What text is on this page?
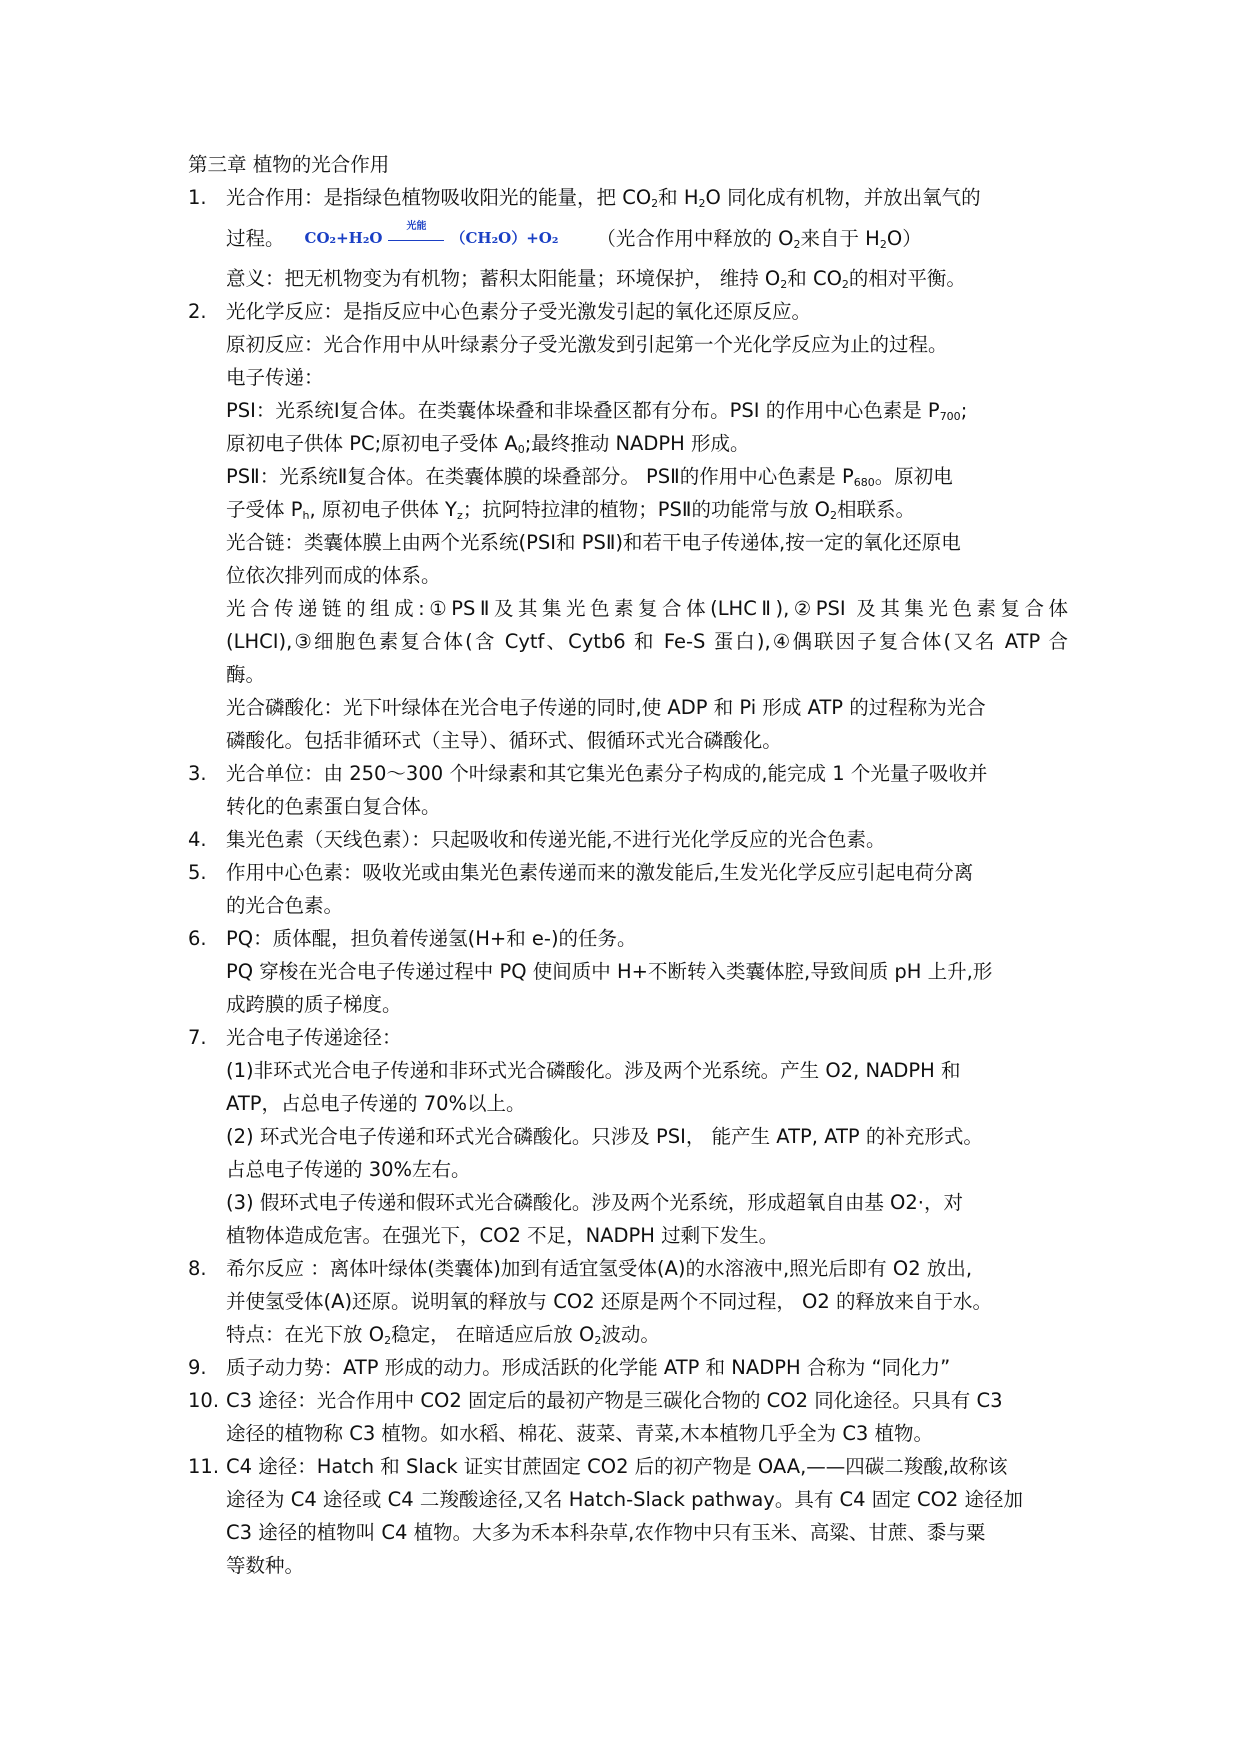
第三章 植物的光合作用
1. 光合作用：是指绿色植物吸收阳光的能量，把 $CO_2$和 $H_2O$ 同化成有机物，并放出氧气的
过程。 CO₂+H₂O
光能
（CH₂O）+O₂ （光合作用中释放的 $O_2$来自于 $H_2O$）
意义：把无机物变为有机物；蓄积太阳能量；环境保护， 维持 $O_2$和 $CO_2$的相对平衡。
2. 光化学反应：是指反应中心色素分子受光激发引起的氧化还原反应。
原初反应：光合作用中从叶绿素分子受光激发到引起第一个光化学反应为止的过程。
电子传递：
PSI：光系统Ⅰ复合体。在类囊体垛叠和非垛叠区都有分布。PSI 的作用中心色素是 $P_{700}$;
原初电子供体 PC;原初电子受体 $A_0$;最终推动 NADPH 形成。
PSⅡ：光系统Ⅱ复合体。在类囊体膜的垛叠部分。 PSⅡ的作用中心色素是 $P_{680}$。原初电
子受体 $P_h$, 原初电子供体 $Y_z$；抗阿特拉津的植物；PSⅡ的功能常与放 $O_2$相联系。
光合链：类囊体膜上由两个光系统(PSⅠ和 PSⅡ)和若干电子传递体,按一定的氧化还原电
位依次排列而成的体系。
光合传递链的组成:①PSⅡ及其集光色素复合体(LHCⅡ),②PSI 及其集光色素复合体
(LHCI),③细胞色素复合体(含 Cytf、Cytb6 和 Fe-S 蛋白),④偶联因子复合体(又名 ATP 合
酶。
光合磷酸化：光下叶绿体在光合电子传递的同时,使 ADP 和 Pi 形成 ATP 的过程称为光合
磷酸化。包括非循环式（主导）、循环式、假循环式光合磷酸化。
3. 光合单位：由 250～300 个叶绿素和其它集光色素分子构成的,能完成 1 个光量子吸收并
转化的色素蛋白复合体。
4. 集光色素（天线色素）：只起吸收和传递光能,不进行光化学反应的光合色素。
5. 作用中心色素：吸收光或由集光色素传递而来的激发能后,生发光化学反应引起电荷分离
的光合色素。
6. PQ：质体醌，担负着传递氢(H+和 e-)的任务。
PQ 穿梭在光合电子传递过程中 PQ 使间质中 H+不断转入类囊体腔,导致间质 pH 上升,形
成跨膜的质子梯度。
7. 光合电子传递途径：
(1)非环式光合电子传递和非环式光合磷酸化。涉及两个光系统。产生 O2, NADPH 和
ATP，占总电子传递的 70%以上。
(2) 环式光合电子传递和环式光合磷酸化。只涉及 PSI， 能产生 ATP, ATP 的补充形式。
占总电子传递的 30%左右。
(3) 假环式电子传递和假环式光合磷酸化。涉及两个光系统，形成超氧自由基 O2·，对
植物体造成危害。在强光下，CO2 不足，NADPH 过剩下发生。
8. 希尔反应 ：离体叶绿体(类囊体)加到有适宜氢受体(A)的水溶液中,照光后即有 O2 放出,
并使氢受体(A)还原。说明氧的释放与 CO2 还原是两个不同过程， O2 的释放来自于水。
特点：在光下放 $O_2$稳定， 在暗适应后放 $O_2$波动。
9. 质子动力势：ATP 形成的动力。形成活跃的化学能 ATP 和 NADPH 合称为 “同化力”
10. C3 途径：光合作用中 CO2 固定后的最初产物是三碳化合物的 CO2 同化途径。只具有 C3
途径的植物称 C3 植物。如水稻、棉花、菠菜、青菜,木本植物几乎全为 C3 植物。
11. C4 途径：Hatch 和 Slack 证实甘蔗固定 CO2 后的初产物是 OAA,——四碳二羧酸,故称该
途径为 C4 途径或 C4 二羧酸途径,又名 Hatch-Slack pathway。具有 C4 固定 CO2 途径加
C3 途径的植物叫 C4 植物。大多为禾本科杂草,农作物中只有玉米、高粱、甘蔗、黍与粟
等数种。
